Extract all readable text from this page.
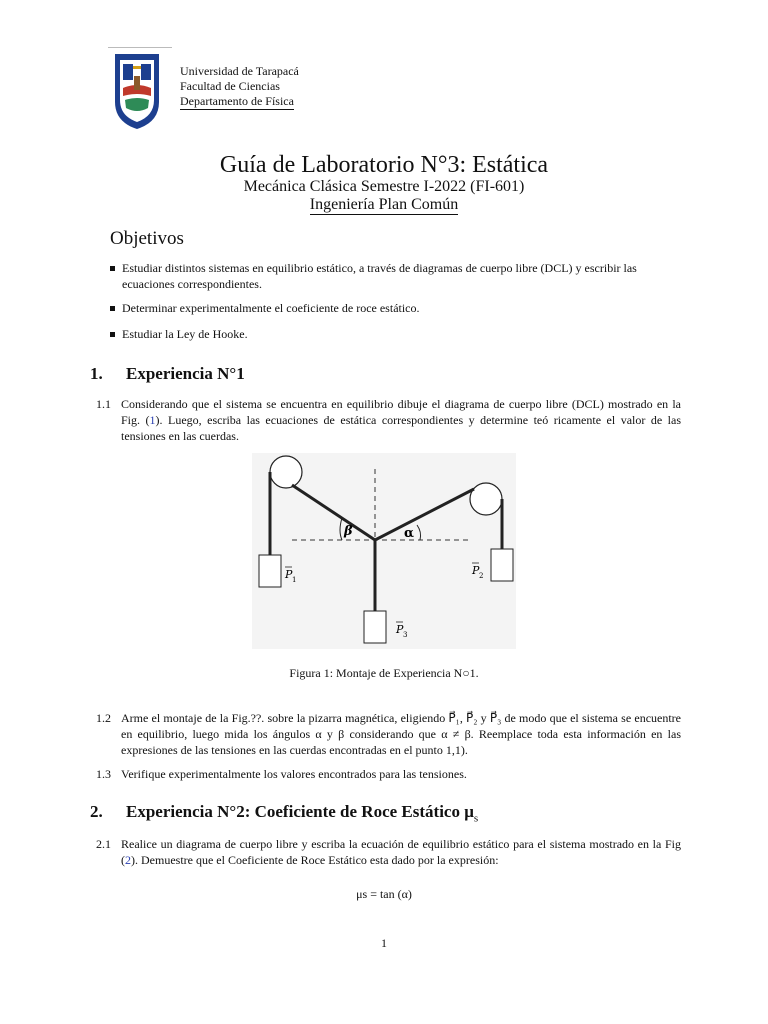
Universidad de Tarapacá
Facultad de Ciencias
Departamento de Física
Guía de Laboratorio N°3: Estática
Mecánica Clásica Semestre I-2022 (FI-601)
Ingeniería Plan Común
Objetivos
Estudiar distintos sistemas en equilibrio estático, a través de diagramas de cuerpo libre (DCL) y escribir las ecuaciones correspondientes.
Determinar experimentalmente el coeficiente de roce estático.
Estudiar la Ley de Hooke.
1. Experiencia N°1
1.1 Considerando que el sistema se encuentra en equilibrio dibuje el diagrama de cuerpo libre (DCL) mostrado en la Fig. (1). Luego, escriba las ecuaciones de estática correspondientes y determine teó ricamente el valor de las tensiones en las cuerdas.
β	α
P 1
P 2
P 3
Figura 1: Montaje de Experiencia N○1.
1.2 Arme el montaje de la Fig.??. sobre la pizarra magnética, eligiendo P⃗₁, P⃗₂ y P⃗₃ de modo que el sistema se encuentre en equilibrio, luego mida los ángulos α y β considerando que α ≠ β. Reemplace toda esta información en las expresiones de las tensiones en las cuerdas encontradas en el punto 1,1).
1.3 Verifique experimentalmente los valores encontrados para las tensiones.
2. Experiencia N°2: Coeficiente de Roce Estático $\mu_s$
2.1 Realice un diagrama de cuerpo libre y escriba la ecuación de equilibrio estático para el sistema mostrado en la Fig (2). Demuestre que el Coeficiente de Roce Estático esta dado por la expresión:
μs = tan (α)
1
